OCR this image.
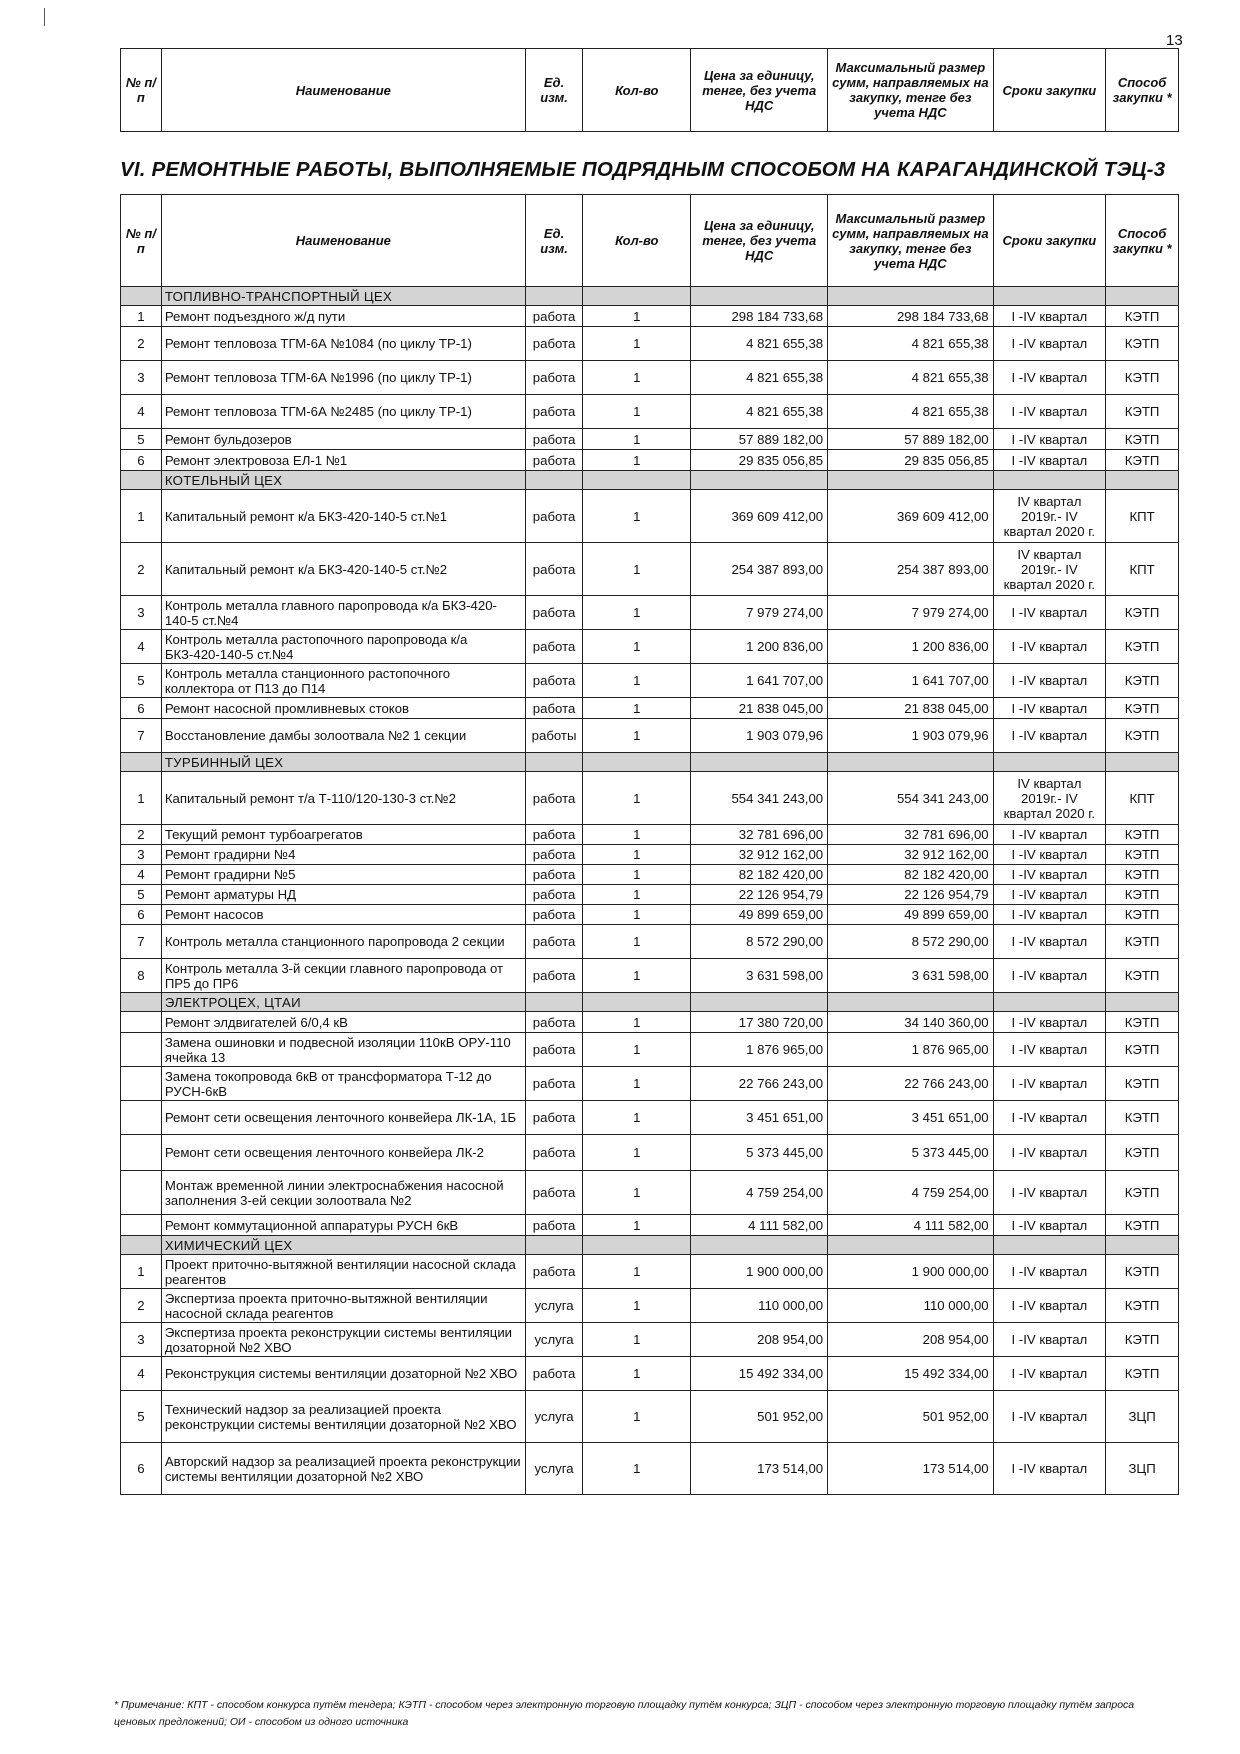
13
№ п/п	Наименование	Ед. изм.	Кол-во	Цена за единицу, тенге, без учета НДС	Максимальный размер сумм, направляемых на закупку, тенге без учета НДС	Сроки закупки	Способ закупки *
VI. РЕМОНТНЫЕ РАБОТЫ, ВЫПОЛНЯЕМЫЕ ПОДРЯДНЫМ СПОСОБОМ НА КАРАГАНДИНСКОЙ ТЭЦ-3
№ п/п	Наименование	Ед. изм.	Кол-во	Цена за единицу, тенге, без учета НДС	Максимальный размер сумм, направляемых на закупку, тенге без учета НДС	Сроки закупки	Способ закупки *
	ТОПЛИВНО-ТРАНСПОРТНЫЙ ЦЕХ						
1	Ремонт подъездного ж/д пути	работа	1	298 184 733,68	298 184 733,68	I -IV квартал	КЭТП
2	Ремонт тепловоза ТГМ-6А №1084 (по циклу ТР-1)	работа	1	4 821 655,38	4 821 655,38	I -IV квартал	КЭТП
3	Ремонт тепловоза ТГМ-6А №1996 (по циклу ТР-1)	работа	1	4 821 655,38	4 821 655,38	I -IV квартал	КЭТП
4	Ремонт тепловоза ТГМ-6А №2485 (по циклу ТР-1)	работа	1	4 821 655,38	4 821 655,38	I -IV квартал	КЭТП
5	Ремонт бульдозеров	работа	1	57 889 182,00	57 889 182,00	I -IV квартал	КЭТП
6	Ремонт электровоза ЕЛ-1 №1	работа	1	29 835 056,85	29 835 056,85	I -IV квартал	КЭТП
	КОТЕЛЬНЫЙ ЦЕХ						
1	Капитальный ремонт к/а БКЗ-420-140-5 ст.№1	работа	1	369 609 412,00	369 609 412,00	IV квартал 2019г.- IV квартал 2020 г.	КПТ
2	Капитальный ремонт к/а БКЗ-420-140-5 ст.№2	работа	1	254 387 893,00	254 387 893,00	IV квартал 2019г.- IV квартал 2020 г.	КПТ
3	Контроль металла главного паропровода к/а БКЗ-420-140-5 ст.№4	работа	1	7 979 274,00	7 979 274,00	I -IV квартал	КЭТП
4	Контроль металла растопочного паропровода к/а БКЗ-420-140-5 ст.№4	работа	1	1 200 836,00	1 200 836,00	I -IV квартал	КЭТП
5	Контроль металла станционного растопочного коллектора от П13 до П14	работа	1	1 641 707,00	1 641 707,00	I -IV квартал	КЭТП
6	Ремонт насосной промливневых стоков	работа	1	21 838 045,00	21 838 045,00	I -IV квартал	КЭТП
7	Восстановление дамбы золоотвала №2 1 секции	работы	1	1 903 079,96	1 903 079,96	I -IV квартал	КЭТП
	ТУРБИННЫЙ ЦЕХ						
1	Капитальный ремонт т/а Т-110/120-130-3 ст.№2	работа	1	554 341 243,00	554 341 243,00	IV квартал 2019г.- IV квартал 2020 г.	КПТ
2	Текущий ремонт турбоагрегатов	работа	1	32 781 696,00	32 781 696,00	I -IV квартал	КЭТП
3	Ремонт градирни №4	работа	1	32 912 162,00	32 912 162,00	I -IV квартал	КЭТП
4	Ремонт градирни №5	работа	1	82 182 420,00	82 182 420,00	I -IV квартал	КЭТП
5	Ремонт арматуры НД	работа	1	22 126 954,79	22 126 954,79	I -IV квартал	КЭТП
6	Ремонт насосов	работа	1	49 899 659,00	49 899 659,00	I -IV квартал	КЭТП
7	Контроль металла станционного паропровода 2 секции	работа	1	8 572 290,00	8 572 290,00	I -IV квартал	КЭТП
8	Контроль металла 3-й секции главного паропровода от ПР5 до ПР6	работа	1	3 631 598,00	3 631 598,00	I -IV квартал	КЭТП
	ЭЛЕКТРОЦЕХ, ЦТАИ						
	Ремонт элдвигателей 6/0,4 кВ	работа	1	17 380 720,00	34 140 360,00	I -IV квартал	КЭТП
	Замена ошиновки и подвесной изоляции 110кВ ОРУ-110 ячейка 13	работа	1	1 876 965,00	1 876 965,00	I -IV квартал	КЭТП
	Замена токопровода 6кВ от трансформатора Т-12 до РУСН-6кВ	работа	1	22 766 243,00	22 766 243,00	I -IV квартал	КЭТП
	Ремонт сети освещения ленточного конвейера ЛК-1А, 1Б	работа	1	3 451 651,00	3 451 651,00	I -IV квартал	КЭТП
	Ремонт сети освещения ленточного конвейера ЛК-2	работа	1	5 373 445,00	5 373 445,00	I -IV квартал	КЭТП
	Монтаж временной линии электроснабжения насосной заполнения 3-ей секции золоотвала №2	работа	1	4 759 254,00	4 759 254,00	I -IV квартал	КЭТП
	Ремонт коммутационной аппаратуры РУСН 6кВ	работа	1	4 111 582,00	4 111 582,00	I -IV квартал	КЭТП
	ХИМИЧЕСКИЙ ЦЕХ						
1	Проект приточно-вытяжной вентиляции насосной склада реагентов	работа	1	1 900 000,00	1 900 000,00	I -IV квартал	КЭТП
2	Экспертиза проекта приточно-вытяжной вентиляции насосной склада реагентов	услуга	1	110 000,00	110 000,00	I -IV квартал	КЭТП
3	Экспертиза проекта реконструкции системы вентиляции дозаторной №2 ХВО	услуга	1	208 954,00	208 954,00	I -IV квартал	КЭТП
4	Реконструкция системы вентиляции дозаторной №2 ХВО	работа	1	15 492 334,00	15 492 334,00	I -IV квартал	КЭТП
5	Технический надзор за реализацией проекта реконструкции системы вентиляции дозаторной №2 ХВО	услуга	1	501 952,00	501 952,00	I -IV квартал	ЗЦП
6	Авторский надзор за реализацией проекта реконструкции системы вентиляции дозаторной №2 ХВО	услуга	1	173 514,00	173 514,00	I -IV квартал	ЗЦП
* Примечание: КПТ - способом конкурса путём тендера; КЭТП - способом через электронную торговую площадку путём конкурса; ЗЦП - способом через электронную торговую площадку путём запроса ценовых предложений; ОИ - способом из одного источника
